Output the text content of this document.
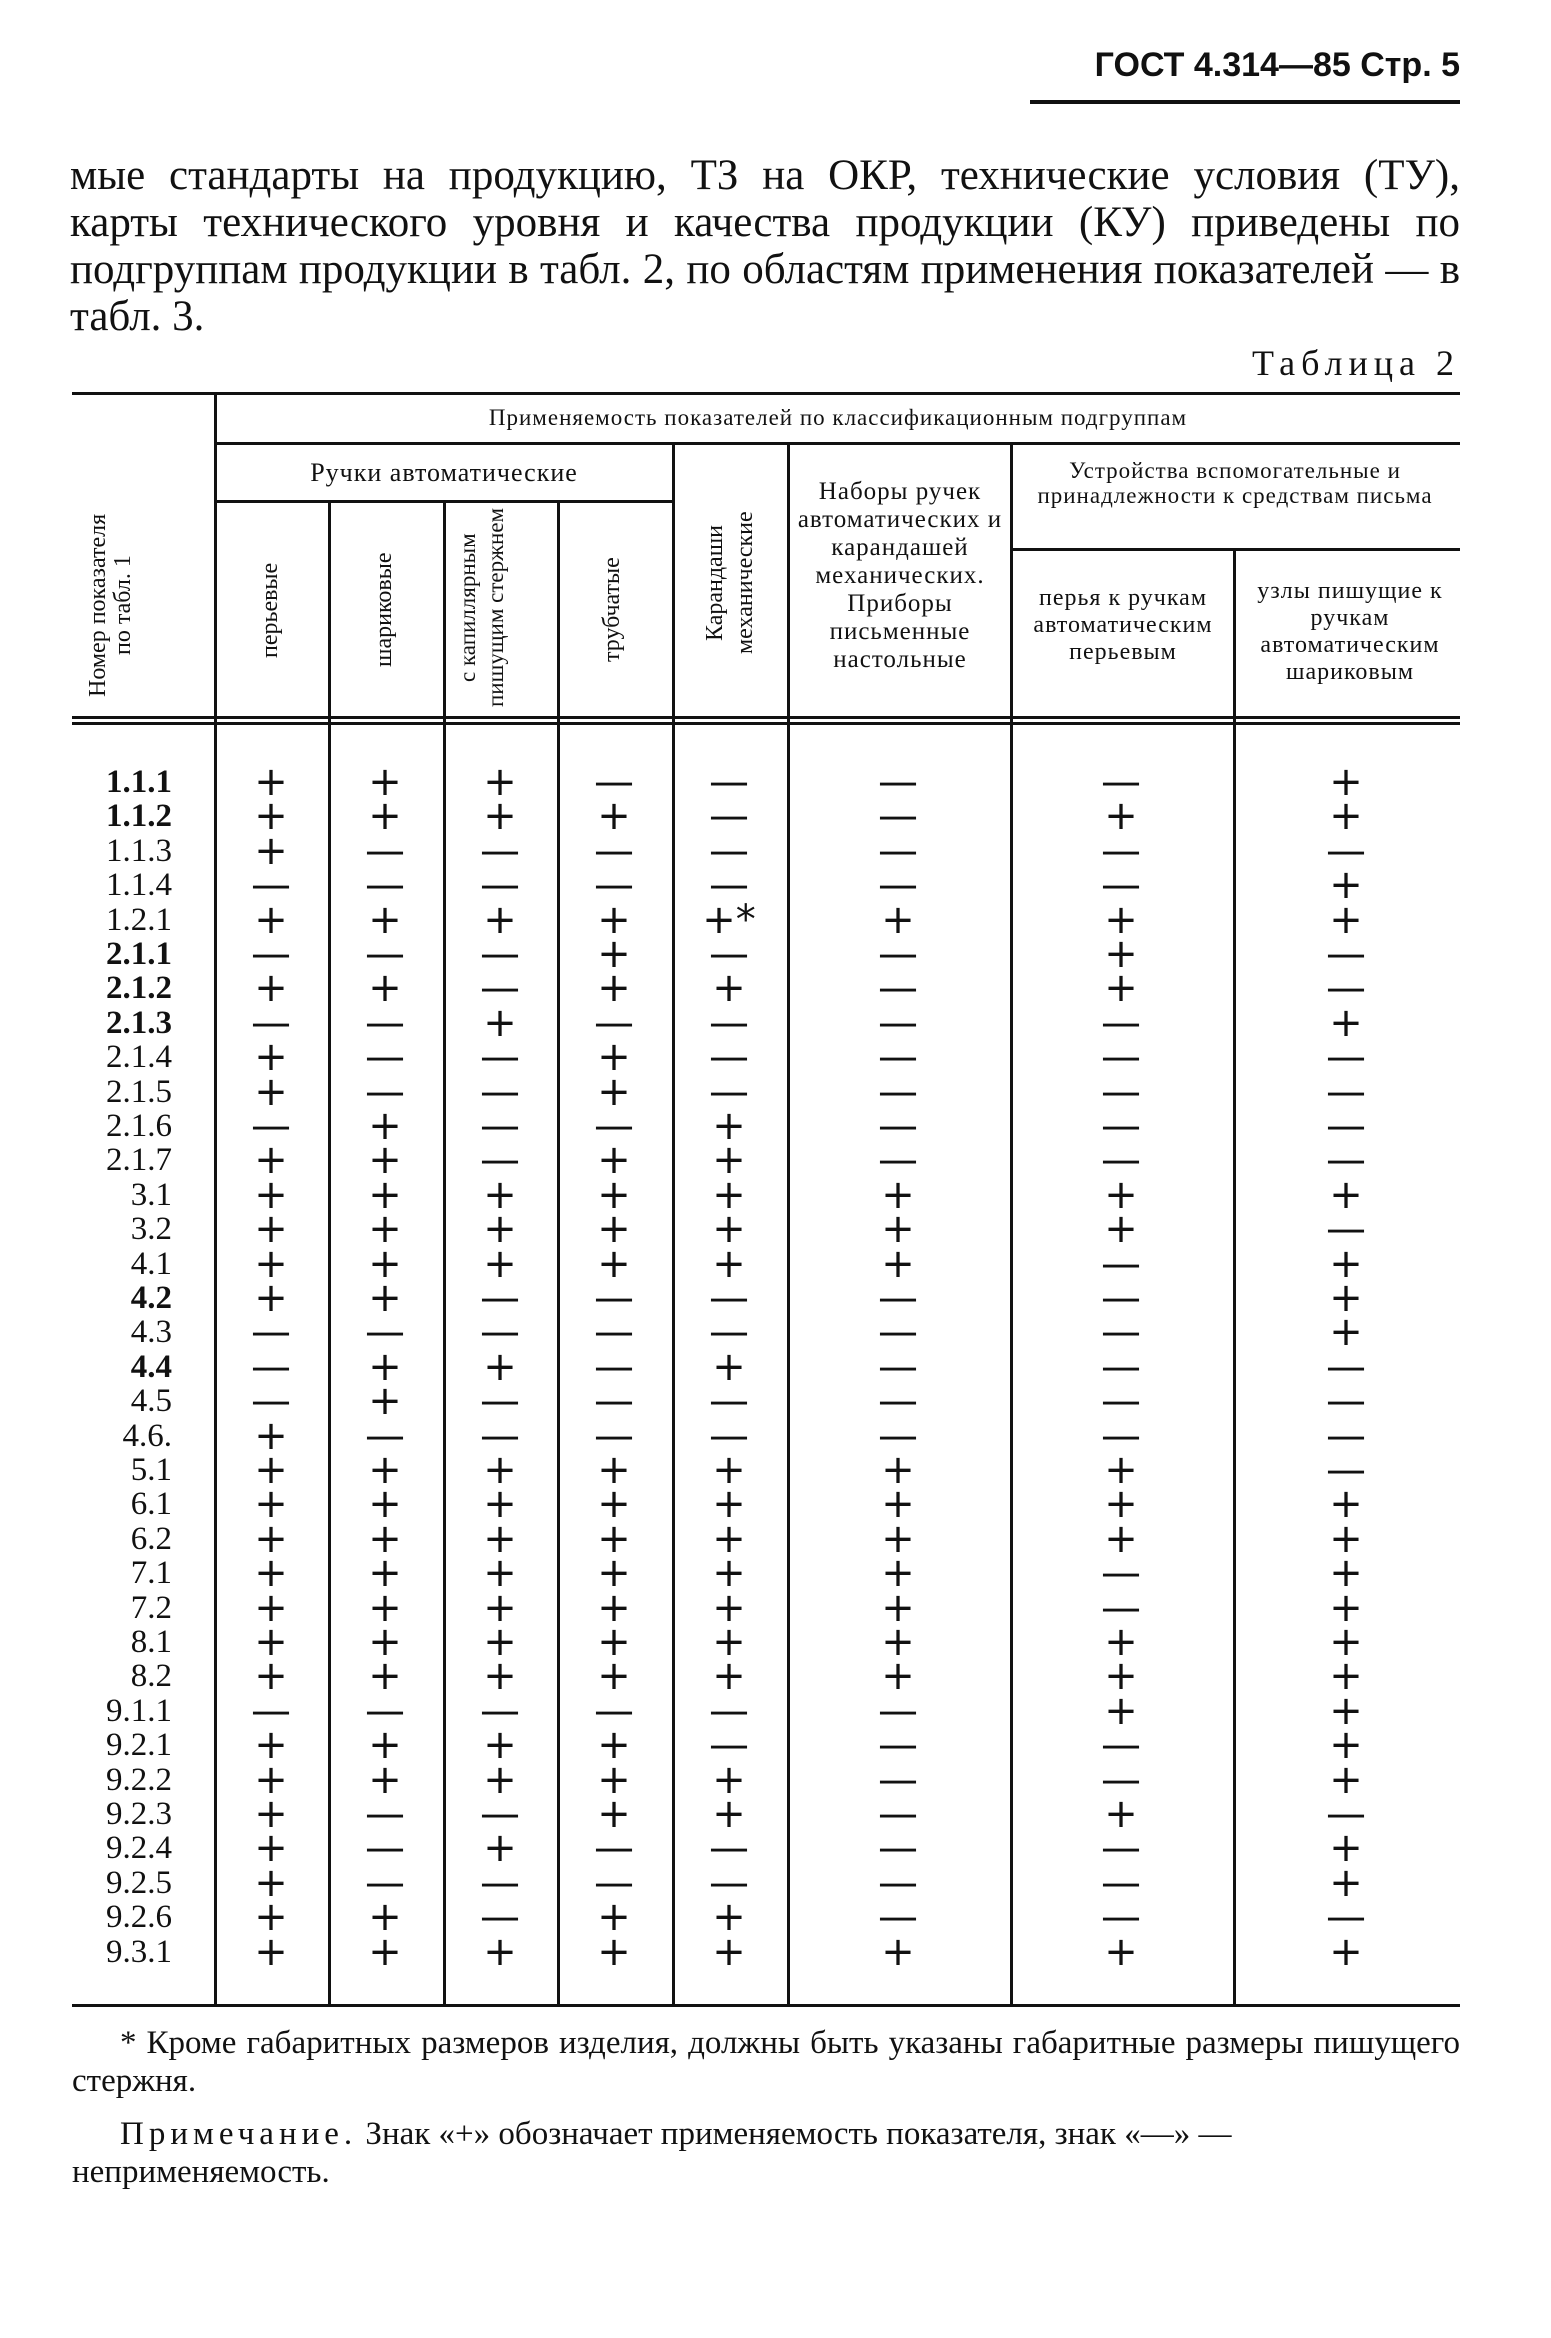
ГОСТ 4.314—85 Стр. 5
мые стандарты на продукцию, ТЗ на ОКР, технические условия (ТУ), карты технического уровня и качества продукции (КУ) приведены по подгруппам продукции в табл. 2, по областям применения показателей — в табл. 3.
Таблица 2
Номер показателя по табл. 1
Применяемость показателей по классификационным подгруппам
Ручки автоматические
перьевые	шариковые	с капиллярным пишущим стержнем	трубчатые	Карандаши механические
Наборы ручек автоматических и карандашей механических. Приборы письменные настольные
Устройства вспомогательные и принадлежности к средствам письма
перья к ручкам автоматическим перьевым
узлы пишущие к ручкам автоматическим шариковым
1.1.1	+	+	+	—	—	—	—	+
1.1.2	+	+	+	+	—	—	+	+
1.1.3	+	—	—	—	—	—	—	—
1.1.4	—	—	—	—	—	—	—	+
1.2.1	+	+	+	+	+*	+	+	+
2.1.1	—	—	—	+	—	—	+	—
2.1.2	+	+	—	+	+	—	+	—
2.1.3	—	—	+	—	—	—	—	+
2.1.4	+	—	—	+	—	—	—	—
2.1.5	+	—	—	+	—	—	—	—
2.1.6	—	+	—	—	+	—	—	—
2.1.7	+	+	—	+	+	—	—	—
3.1	+	+	+	+	+	+	+	+
3.2	+	+	+	+	+	+	+	—
4.1	+	+	+	+	+	+	—	+
4.2	+	+	—	—	—	—	—	+
4.3	—	—	—	—	—	—	—	+
4.4	—	+	+	—	+	—	—	—
4.5	—	+	—	—	—	—	—	—
4.6.	+	—	—	—	—	—	—	—
5.1	+	+	+	+	+	+	+	—
6.1	+	+	+	+	+	+	+	+
6.2	+	+	+	+	+	+	+	+
7.1	+	+	+	+	+	+	—	+
7.2	+	+	+	+	+	+	—	+
8.1	+	+	+	+	+	+	+	+
8.2	+	+	+	+	+	+	+	+
9.1.1	—	—	—	—	—	—	+	+
9.2.1	+	+	+	+	—	—	—	+
9.2.2	+	+	+	+	+	—	—	+
9.2.3	+	—	—	+	+	—	+	—
9.2.4	+	—	+	—	—	—	—	+
9.2.5	+	—	—	—	—	—	—	+
9.2.6	+	+	—	+	+	—	—	—
9.3.1	+	+	+	+	+	+	+	+
* Кроме габаритных размеров изделия, должны быть указаны габаритные размеры пишущего стержня.
Примечание. Знак «+» обозначает применяемость показателя, знак «—» — неприменяемость.
